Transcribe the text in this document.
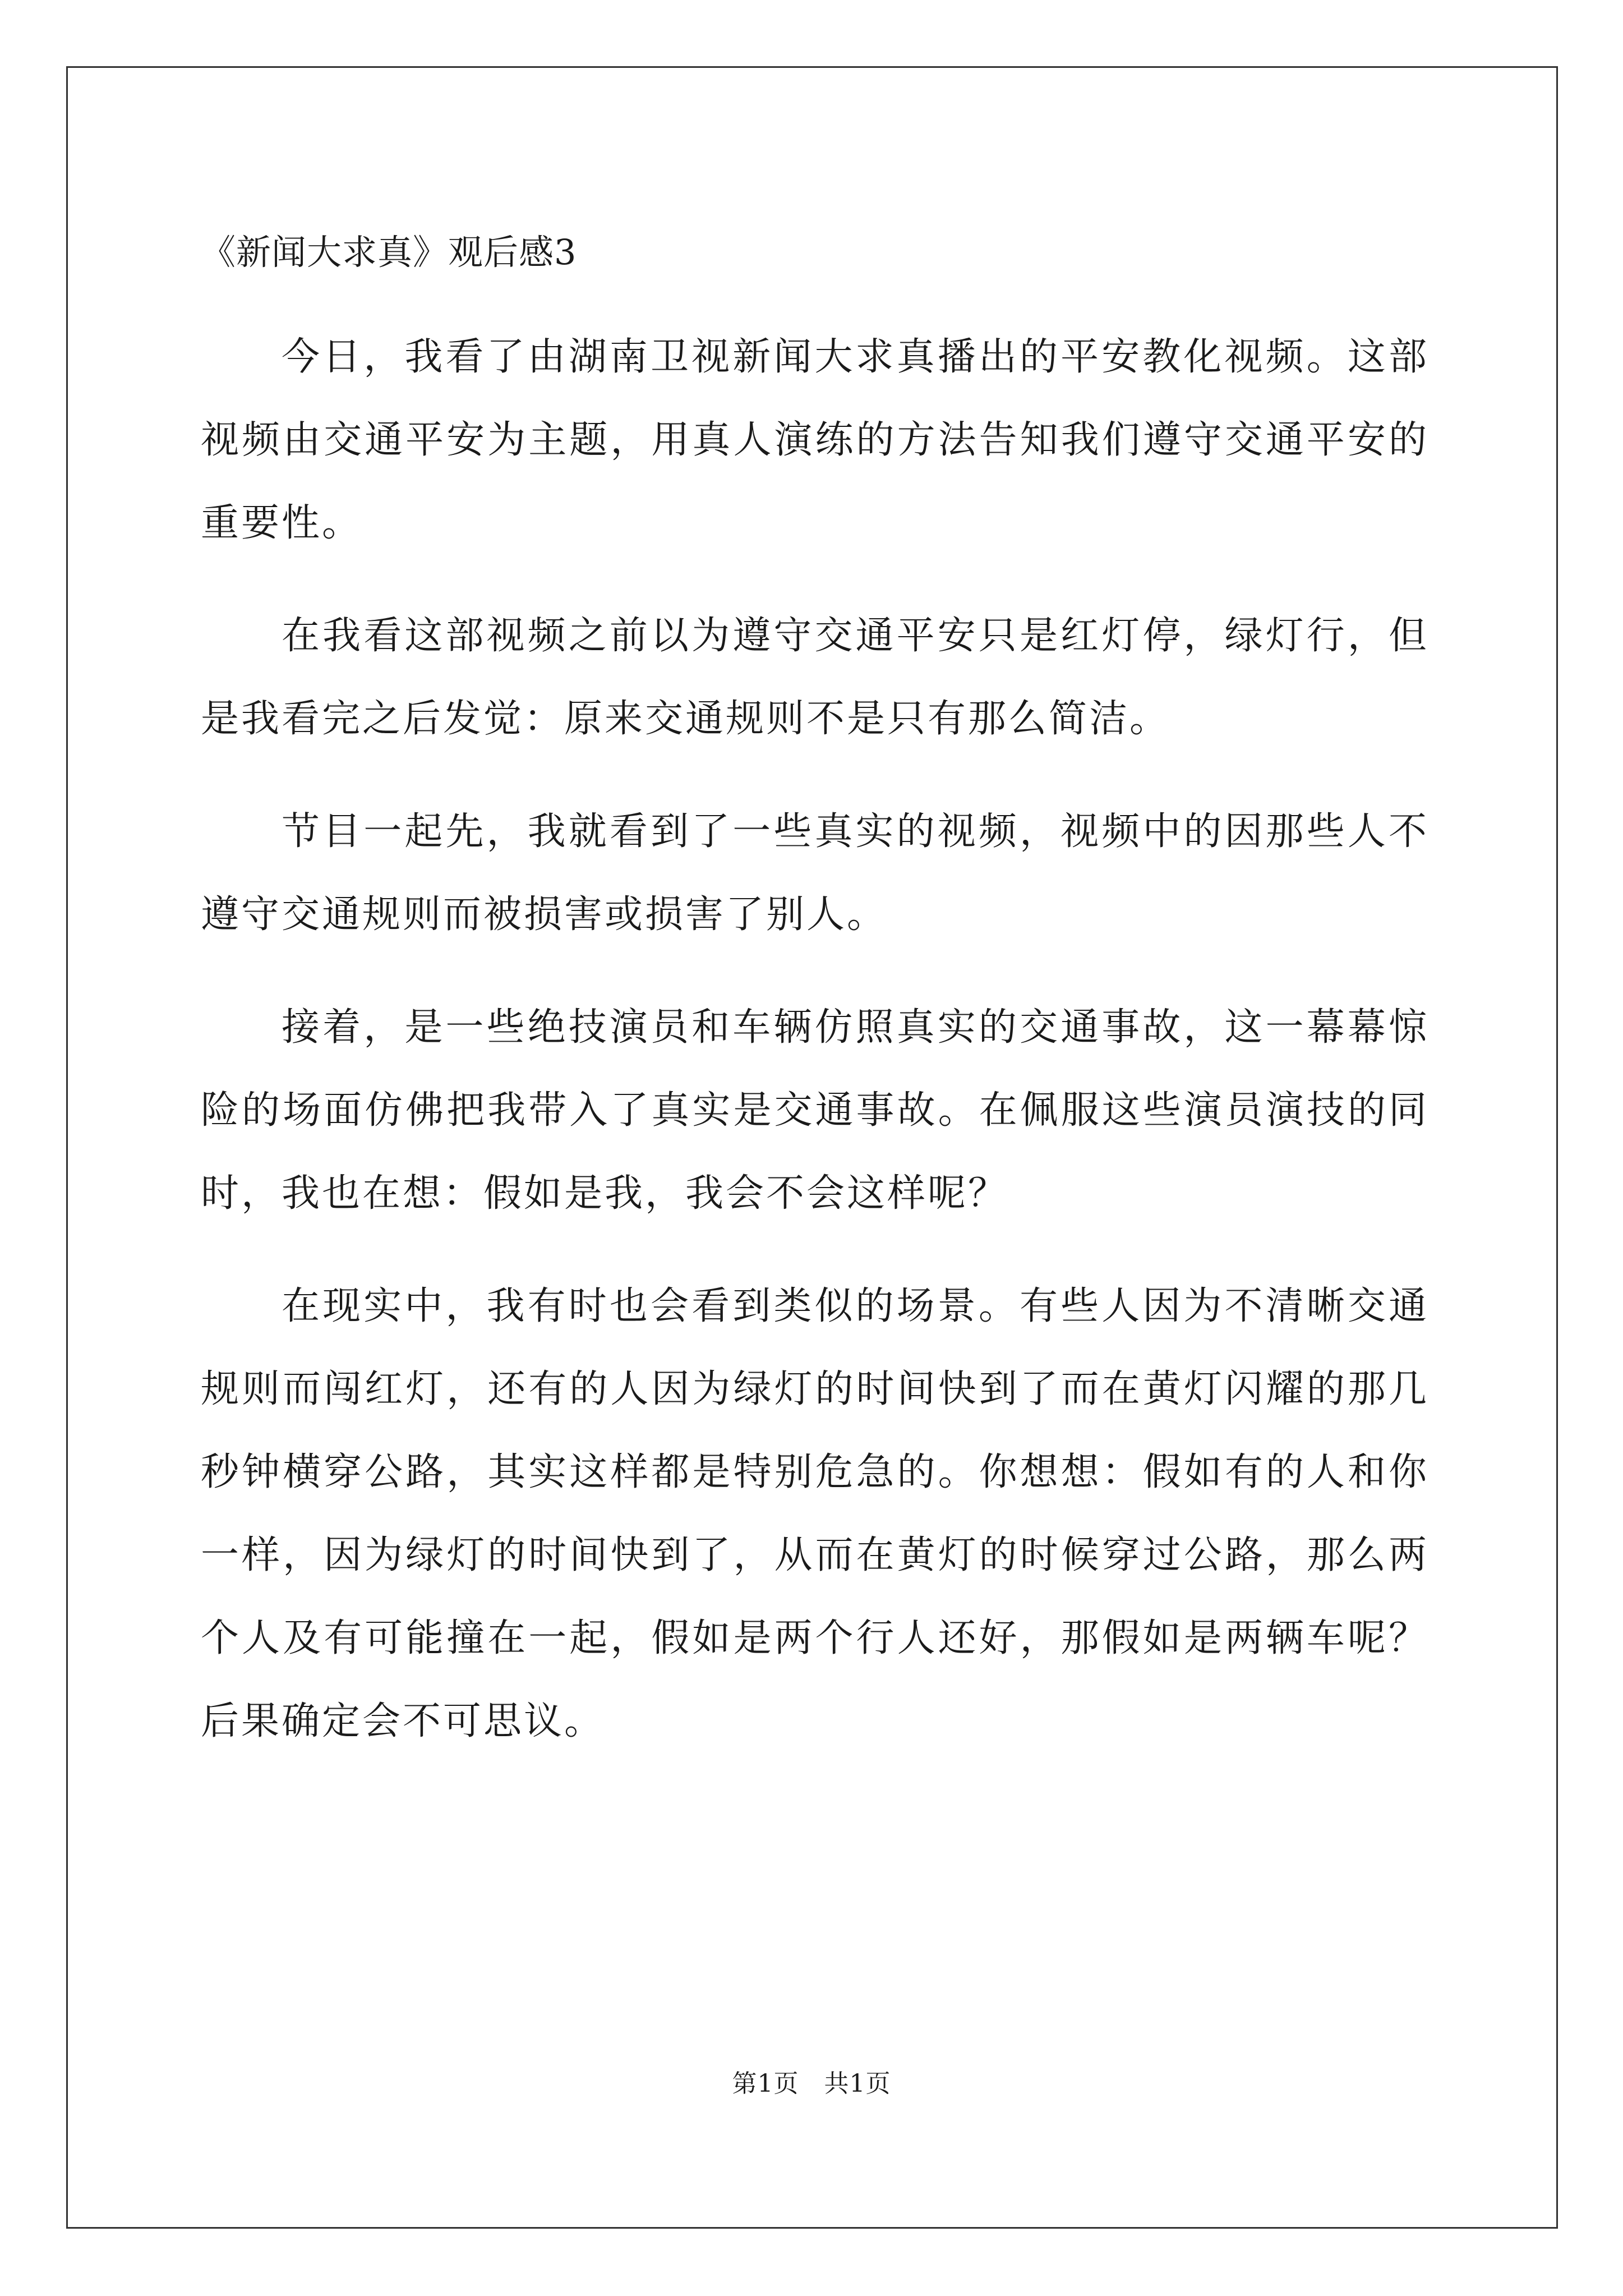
《新闻大求真》观后感3

今日，我看了由湖南卫视新闻大求真播出的平安教化视频。这部视频由交通平安为主题，用真人演练的方法告知我们遵守交通平安的重要性。

在我看这部视频之前以为遵守交通平安只是红灯停，绿灯行，但是我看完之后发觉：原来交通规则不是只有那么简洁。

节目一起先，我就看到了一些真实的视频，视频中的因那些人不遵守交通规则而被损害或损害了别人。

接着，是一些绝技演员和车辆仿照真实的交通事故，这一幕幕惊险的场面仿佛把我带入了真实是交通事故。在佩服这些演员演技的同时，我也在想：假如是我，我会不会这样呢？

在现实中，我有时也会看到类似的场景。有些人因为不清晰交通规则而闯红灯，还有的人因为绿灯的时间快到了而在黄灯闪耀的那几秒钟横穿公路，其实这样都是特别危急的。你想想：假如有的人和你一样，因为绿灯的时间快到了，从而在黄灯的时候穿过公路，那么两个人及有可能撞在一起，假如是两个行人还好，那假如是两辆车呢？后果确定会不可思议。

第1页　共1页
